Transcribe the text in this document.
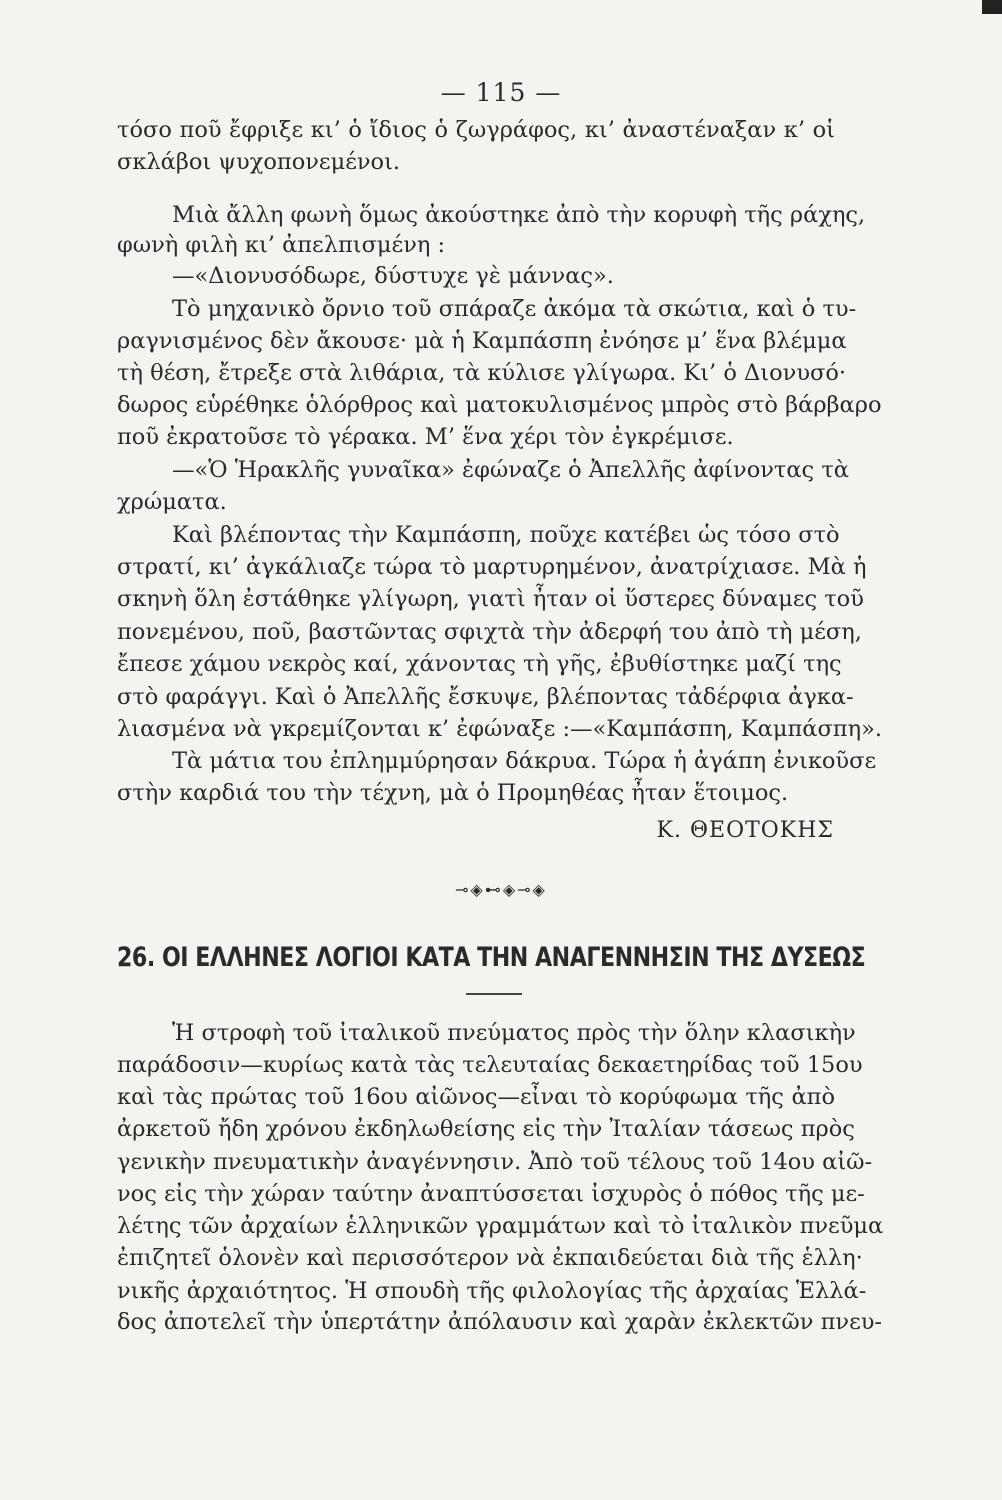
— 115 —
τόσο ποῦ ἔφριξε κι’ ὁ ἴδιος ὁ ζωγράφος, κι’ ἀναστέναξαν κ’ οἱ
σκλάβοι ψυχοπονεμένοι.
Μιὰ ἄλλη φωνὴ ὅμως ἀκούστηκε ἀπὸ τὴν κορυφὴ τῆς ράχης,
φωνὴ φιλὴ κι’ ἀπελπισμένη :
—«Διονυσόδωρε, δύστυχε γὲ μάννας».
Τὸ μηχανικὸ ὄρνιο τοῦ σπάραζε ἀκόμα τὰ σκώτια, καὶ ὁ τυ-
ραγνισμένος δὲν ἄκουσε· μὰ ἡ Καμπάσπη ἐνόησε μ’ ἕνα βλέμμα
τὴ θέση, ἔτρεξε στὰ λιθάρια, τὰ κύλισε γλίγωρα. Κι’ ὁ Διονυσό·
δωρος εὑρέθηκε ὁλόρθρος καὶ ματοκυλισμένος μπρὸς στὸ βάρβαρο
ποῦ ἐκρατοῦσε τὸ γέρακα. Μ’ ἕνα χέρι τὸν ἐγκρέμισε.
—«Ὁ Ἡρακλῆς γυναῖκα» ἐφώναζε ὁ Ἀπελλῆς ἀφίνοντας τὰ
χρώματα.
Καὶ βλέποντας τὴν Καμπάσπη, ποῦχε κατέβει ὡς τόσο στὸ
στρατί, κι’ ἀγκάλιαζε τώρα τὸ μαρτυρημένον, ἀνατρίχιασε. Μὰ ἡ
σκηνὴ ὅλη ἐστάθηκε γλίγωρη, γιατὶ ἦταν οἱ ὕστερες δύναμες τοῦ
πονεμένου, ποῦ, βαστῶντας σφιχτὰ τὴν ἀδερφή του ἀπὸ τὴ μέση,
ἔπεσε χάμου νεκρὸς καί, χάνοντας τὴ γῆς, ἐβυθίστηκε μαζί της
στὸ φαράγγι. Καὶ ὁ Ἀπελλῆς ἔσκυψε, βλέποντας τἀδέρφια ἀγκα-
λιασμένα νὰ γκρεμίζονται κ’ ἐφώναξε :—«Καμπάσπη, Καμπάσπη».
Τὰ μάτια του ἐπλημμύρησαν δάκρυα. Τώρα ἡ ἀγάπη ἐνικοῦσε
στὴν καρδιά του τὴν τέχνη, μὰ ὁ Προμηθέας ἦταν ἕτοιμος.
Κ. ΘΕΟΤΟΚΗΣ
⊸◈⊷◈⊸◈
26. ΟΙ ΕΛΛΗΝΕΣ ΛΟΓΙΟΙ ΚΑΤΑ ΤΗΝ ΑΝΑΓΕΝΝΗΣΙΝ ΤΗΣ ΔΥΣΕΩΣ
Ἡ στροφὴ τοῦ ἰταλικοῦ πνεύματος πρὸς τὴν ὅλην κλασικὴν
παράδοσιν—κυρίως κατὰ τὰς τελευταίας δεκαετηρίδας τοῦ 15ου
καὶ τὰς πρώτας τοῦ 16ου αἰῶνος—εἶναι τὸ κορύφωμα τῆς ἀπὸ
ἀρκετοῦ ἤδη χρόνου ἐκδηλωθείσης εἰς τὴν Ἰταλίαν τάσεως πρὸς
γενικὴν πνευματικὴν ἀναγέννησιν. Ἀπὸ τοῦ τέλους τοῦ 14ου αἰῶ-
νος εἰς τὴν χώραν ταύτην ἀναπτύσσεται ἰσχυρὸς ὁ πόθος τῆς με-
λέτης τῶν ἀρχαίων ἑλληνικῶν γραμμάτων καὶ τὸ ἰταλικὸν πνεῦμα
ἐπιζητεῖ ὁλονὲν καὶ περισσότερον νὰ ἐκπαιδεύεται διὰ τῆς ἑλλη·
νικῆς ἀρχαιότητος. Ἡ σπουδὴ τῆς φιλολογίας τῆς ἀρχαίας Ἑλλά-
δος ἀποτελεῖ τὴν ὑπερτάτην ἀπόλαυσιν καὶ χαρὰν ἐκλεκτῶν πνευ-
